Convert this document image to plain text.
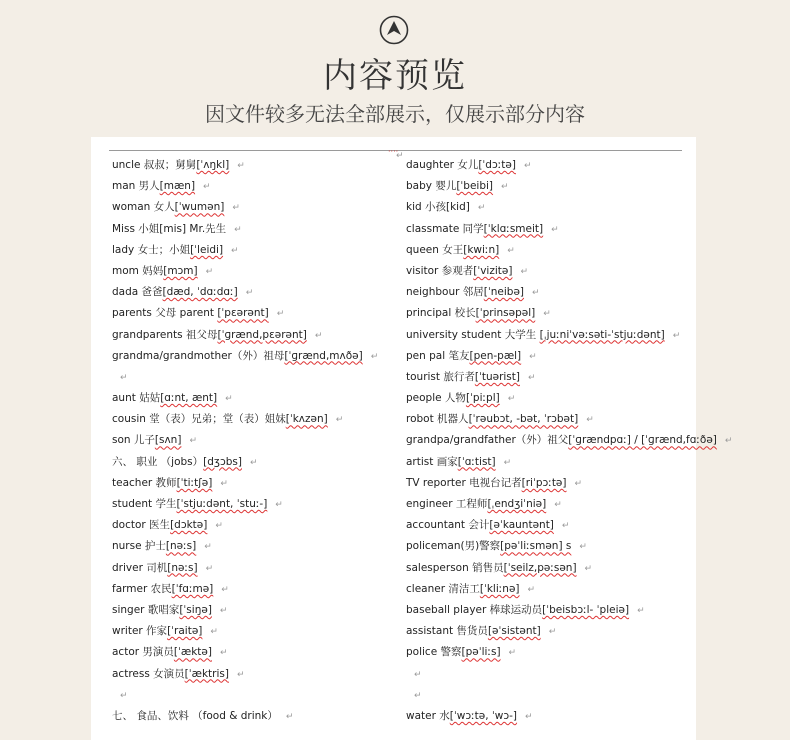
内容预览
因文件较多无法全部展示，仅展示部分内容
····
↵
uncle 叔叔；舅舅[ˈʌŋkl] ↵
man 男人[mæn] ↵
woman 女人[ˈwumən] ↵
Miss 小姐[mis] Mr.先生 ↵
lady 女士；小姐[ˈleidi] ↵
mom 妈妈[mɔm] ↵
dada 爸爸[dæd, ˈdɑːdɑː] ↵
parents 父母 parent [ˈpɛərənt] ↵
grandparents 祖父母[ˈɡrænd,pɛərənt] ↵
grandma/grandmother（外）祖母[ˈɡrænd,mʌðə] ↵
↵
aunt 姑姑[ɑːnt, ænt] ↵
cousin 堂（表）兄弟；堂（表）姐妹[ˈkʌzən] ↵
son 儿子[sʌn] ↵
六、 职业 （jobs）[dʒɔbs] ↵
teacher 教师[ˈtiːtʃə] ↵
student 学生[ˈstjuːdənt, ˈstuː-] ↵
doctor 医生[dɔktə] ↵
nurse 护士[nəːs] ↵
driver 司机[nəːs] ↵
farmer 农民[ˈfɑːmə] ↵
singer 歌唱家[ˈsiŋə] ↵
writer 作家[ˈraitə] ↵
actor 男演员[ˈæktə] ↵
actress 女演员[ˈæktris] ↵
↵
七、 食品、饮料 （food & drink） ↵
daughter 女儿[ˈdɔːtə] ↵
baby 婴儿[ˈbeibi] ↵
kid 小孩[kid] ↵
classmate 同学[ˈklɑːsmeit] ↵
queen 女王[kwiːn] ↵
visitor 参观者[ˈvizitə] ↵
neighbour 邻居[ˈneibə] ↵
principal 校长[ˈprinsəpəl] ↵
university student 大学生 [ˌjuːniˈvəːsəti-ˈstjuːdənt] ↵
pen pal 笔友[pen-pæl] ↵
tourist 旅行者[ˈtuərist] ↵
people 人物[ˈpiːpl] ↵
robot 机器人[ˈrəubɔt, -bət, ˈrɔbət] ↵
grandpa/grandfather（外）祖父[ˈɡrændpɑː] / [ˈɡrænd,fɑːðə] ↵
artist 画家[ˈɑːtist] ↵
TV reporter 电视台记者[riˈpɔːtə] ↵
engineer 工程师[ˌendʒiˈniə] ↵
accountant 会计[əˈkauntənt] ↵
policeman(男)警察[pəˈliːsmən] s ↵
salesperson 销售员[ˈseilz,pəːsən] ↵
cleaner 清洁工[ˈkliːnə] ↵
baseball player 棒球运动员[ˈbeisbɔːl- ˈpleiə] ↵
assistant 售货员[əˈsistənt] ↵
police 警察[pəˈliːs] ↵
↵
↵
water 水[ˈwɔːtə, ˈwɔ-] ↵
